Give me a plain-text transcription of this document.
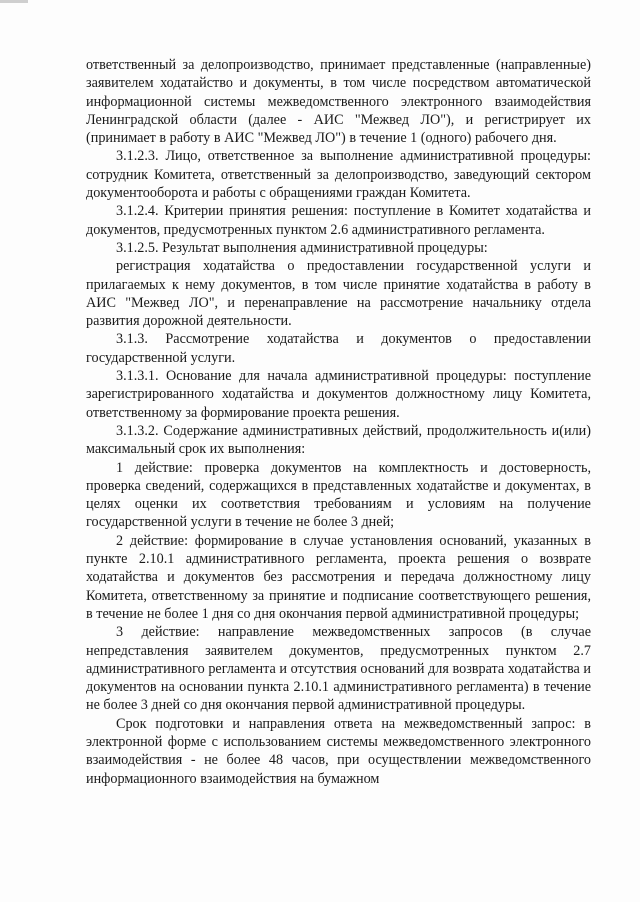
ответственный за делопроизводство, принимает представленные (направленные) заявителем ходатайство и документы, в том числе посредством автоматической информационной системы межведомственного электронного взаимодействия Ленинградской области (далее - АИС "Межвед ЛО"), и регистрирует их (принимает в работу в АИС "Межвед ЛО") в течение 1 (одного) рабочего дня.

3.1.2.3. Лицо, ответственное за выполнение административной процедуры: сотрудник Комитета, ответственный за делопроизводство, заведующий сектором документооборота и работы с обращениями граждан Комитета.

3.1.2.4. Критерии принятия решения: поступление в Комитет ходатайства и документов, предусмотренных пунктом 2.6 административного регламента.

3.1.2.5. Результат выполнения административной процедуры:

регистрация ходатайства о предоставлении государственной услуги и прилагаемых к нему документов, в том числе принятие ходатайства в работу в АИС "Межвед ЛО", и перенаправление на рассмотрение начальнику отдела развития дорожной деятельности.

3.1.3. Рассмотрение ходатайства и документов о предоставлении государственной услуги.

3.1.3.1. Основание для начала административной процедуры: поступление зарегистрированного ходатайства и документов должностному лицу Комитета, ответственному за формирование проекта решения.

3.1.3.2. Содержание административных действий, продолжительность и(или) максимальный срок их выполнения:

1 действие: проверка документов на комплектность и достоверность, проверка сведений, содержащихся в представленных ходатайстве и документах, в целях оценки их соответствия требованиям и условиям на получение государственной услуги в течение не более 3 дней;

2 действие: формирование в случае установления оснований, указанных в пункте 2.10.1 административного регламента, проекта решения о возврате ходатайства и документов без рассмотрения и передача должностному лицу Комитета, ответственному за принятие и подписание соответствующего решения, в течение не более 1 дня со дня окончания первой административной процедуры;

3 действие: направление межведомственных запросов (в случае непредставления заявителем документов, предусмотренных пунктом 2.7 административного регламента и отсутствия оснований для возврата ходатайства и документов на основании пункта 2.10.1 административного регламента) в течение не более 3 дней со дня окончания первой административной процедуры.

Срок подготовки и направления ответа на межведомственный запрос: в электронной форме с использованием системы межведомственного электронного взаимодействия - не более 48 часов, при осуществлении межведомственного информационного взаимодействия на бумажном
